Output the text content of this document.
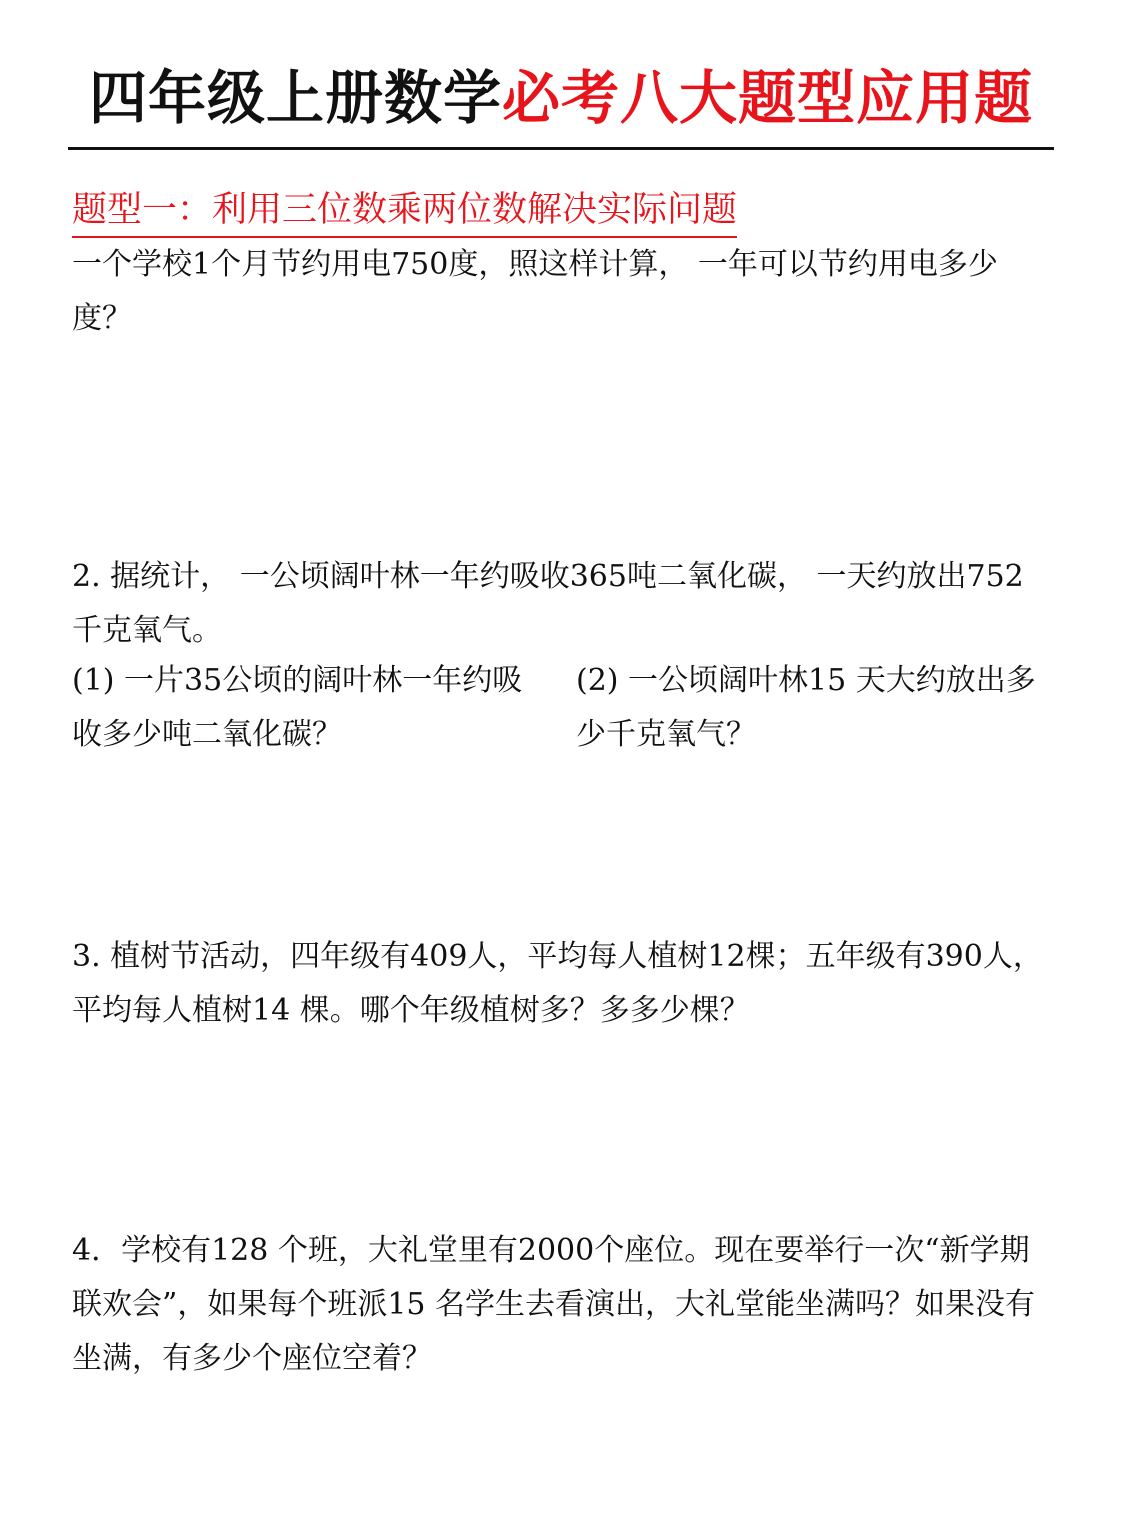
四年级上册数学必考八大题型应用题
题型一：利用三位数乘两位数解决实际问题
一个学校1个月节约用电750度，照这样计算， 一年可以节约用电多少度？
2. 据统计， 一公顷阔叶林一年约吸收365吨二氧化碳， 一天约放出752千克氧气。
(1) 一片35公顷的阔叶林一年约吸收多少吨二氧化碳？
(2) 一公顷阔叶林15 天大约放出多少千克氧气？
3. 植树节活动，四年级有409人，平均每人植树12棵；五年级有390人，平均每人植树14 棵。哪个年级植树多？多多少棵？
4．学校有128 个班，大礼堂里有2000个座位。现在要举行一次“新学期联欢会”，如果每个班派15 名学生去看演出，大礼堂能坐满吗？如果没有坐满，有多少个座位空着？
